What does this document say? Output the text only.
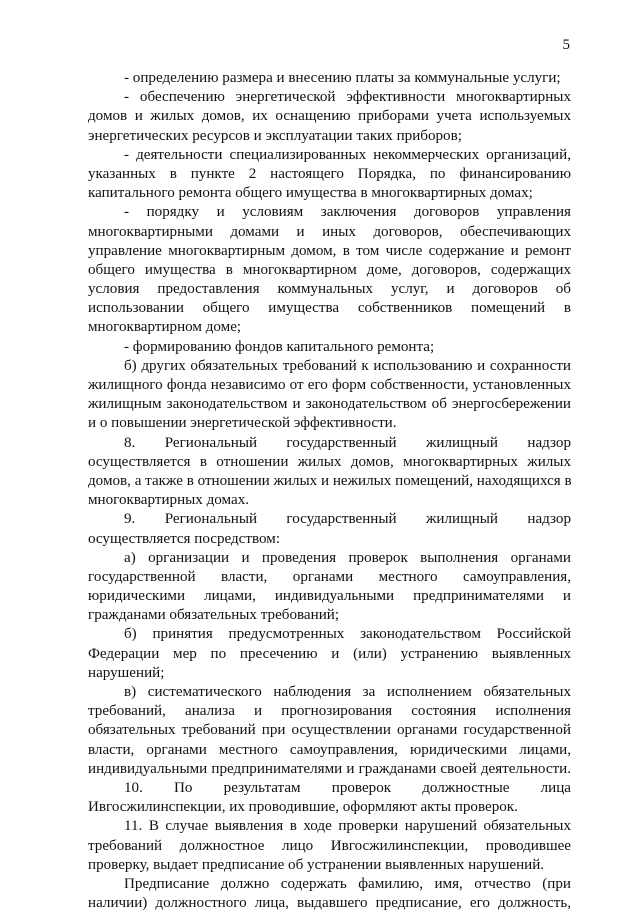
5
- определению размера и внесению платы за коммунальные услуги;
- обеспечению энергетической эффективности многоквартирных
домов и жилых домов, их оснащению приборами учета используемых
энергетических ресурсов и эксплуатации таких приборов;
- деятельности специализированных некоммерческих организаций,
указанных в пункте 2 настоящего Порядка, по финансированию
капитального ремонта общего имущества в многоквартирных домах;
- порядку и условиям заключения договоров управления
многоквартирными домами и иных договоров, обеспечивающих
управление многоквартирным домом, в том числе содержание и ремонт
общего имущества в многоквартирном доме, договоров, содержащих
условия предоставления коммунальных услуг, и договоров об
использовании общего имущества собственников помещений в
многоквартирном доме;
- формированию фондов капитального ремонта;
б) других обязательных требований к использованию и сохранности
жилищного фонда независимо от его форм собственности, установленных
жилищным законодательством и законодательством об энергосбережении
и о повышении энергетической эффективности.
8. Региональный государственный жилищный надзор
осуществляется в отношении жилых домов, многоквартирных жилых
домов, а также в отношении жилых и нежилых помещений, находящихся в
многоквартирных домах.
9. Региональный государственный жилищный надзор
осуществляется посредством:
а) организации и проведения проверок выполнения органами
государственной власти, органами местного самоуправления,
юридическими лицами, индивидуальными предпринимателями и
гражданами обязательных требований;
б) принятия предусмотренных законодательством Российской
Федерации мер по пресечению и (или) устранению выявленных
нарушений;
в) систематического наблюдения за исполнением обязательных
требований, анализа и прогнозирования состояния исполнения
обязательных требований при осуществлении органами государственной
власти, органами местного самоуправления, юридическими лицами,
индивидуальными предпринимателями и гражданами своей деятельности.
10. По результатам проверок должностные лица
Ивгосжилинспекции, их проводившие, оформляют акты проверок.
11. В случае выявления в ходе проверки нарушений обязательных
требований должностное лицо Ивгосжилинспекции, проводившее
проверку, выдает предписание об устранении выявленных нарушений.
Предписание должно содержать фамилию, имя, отчество (при
наличии) должностного лица, выдавшего предписание, его должность,
